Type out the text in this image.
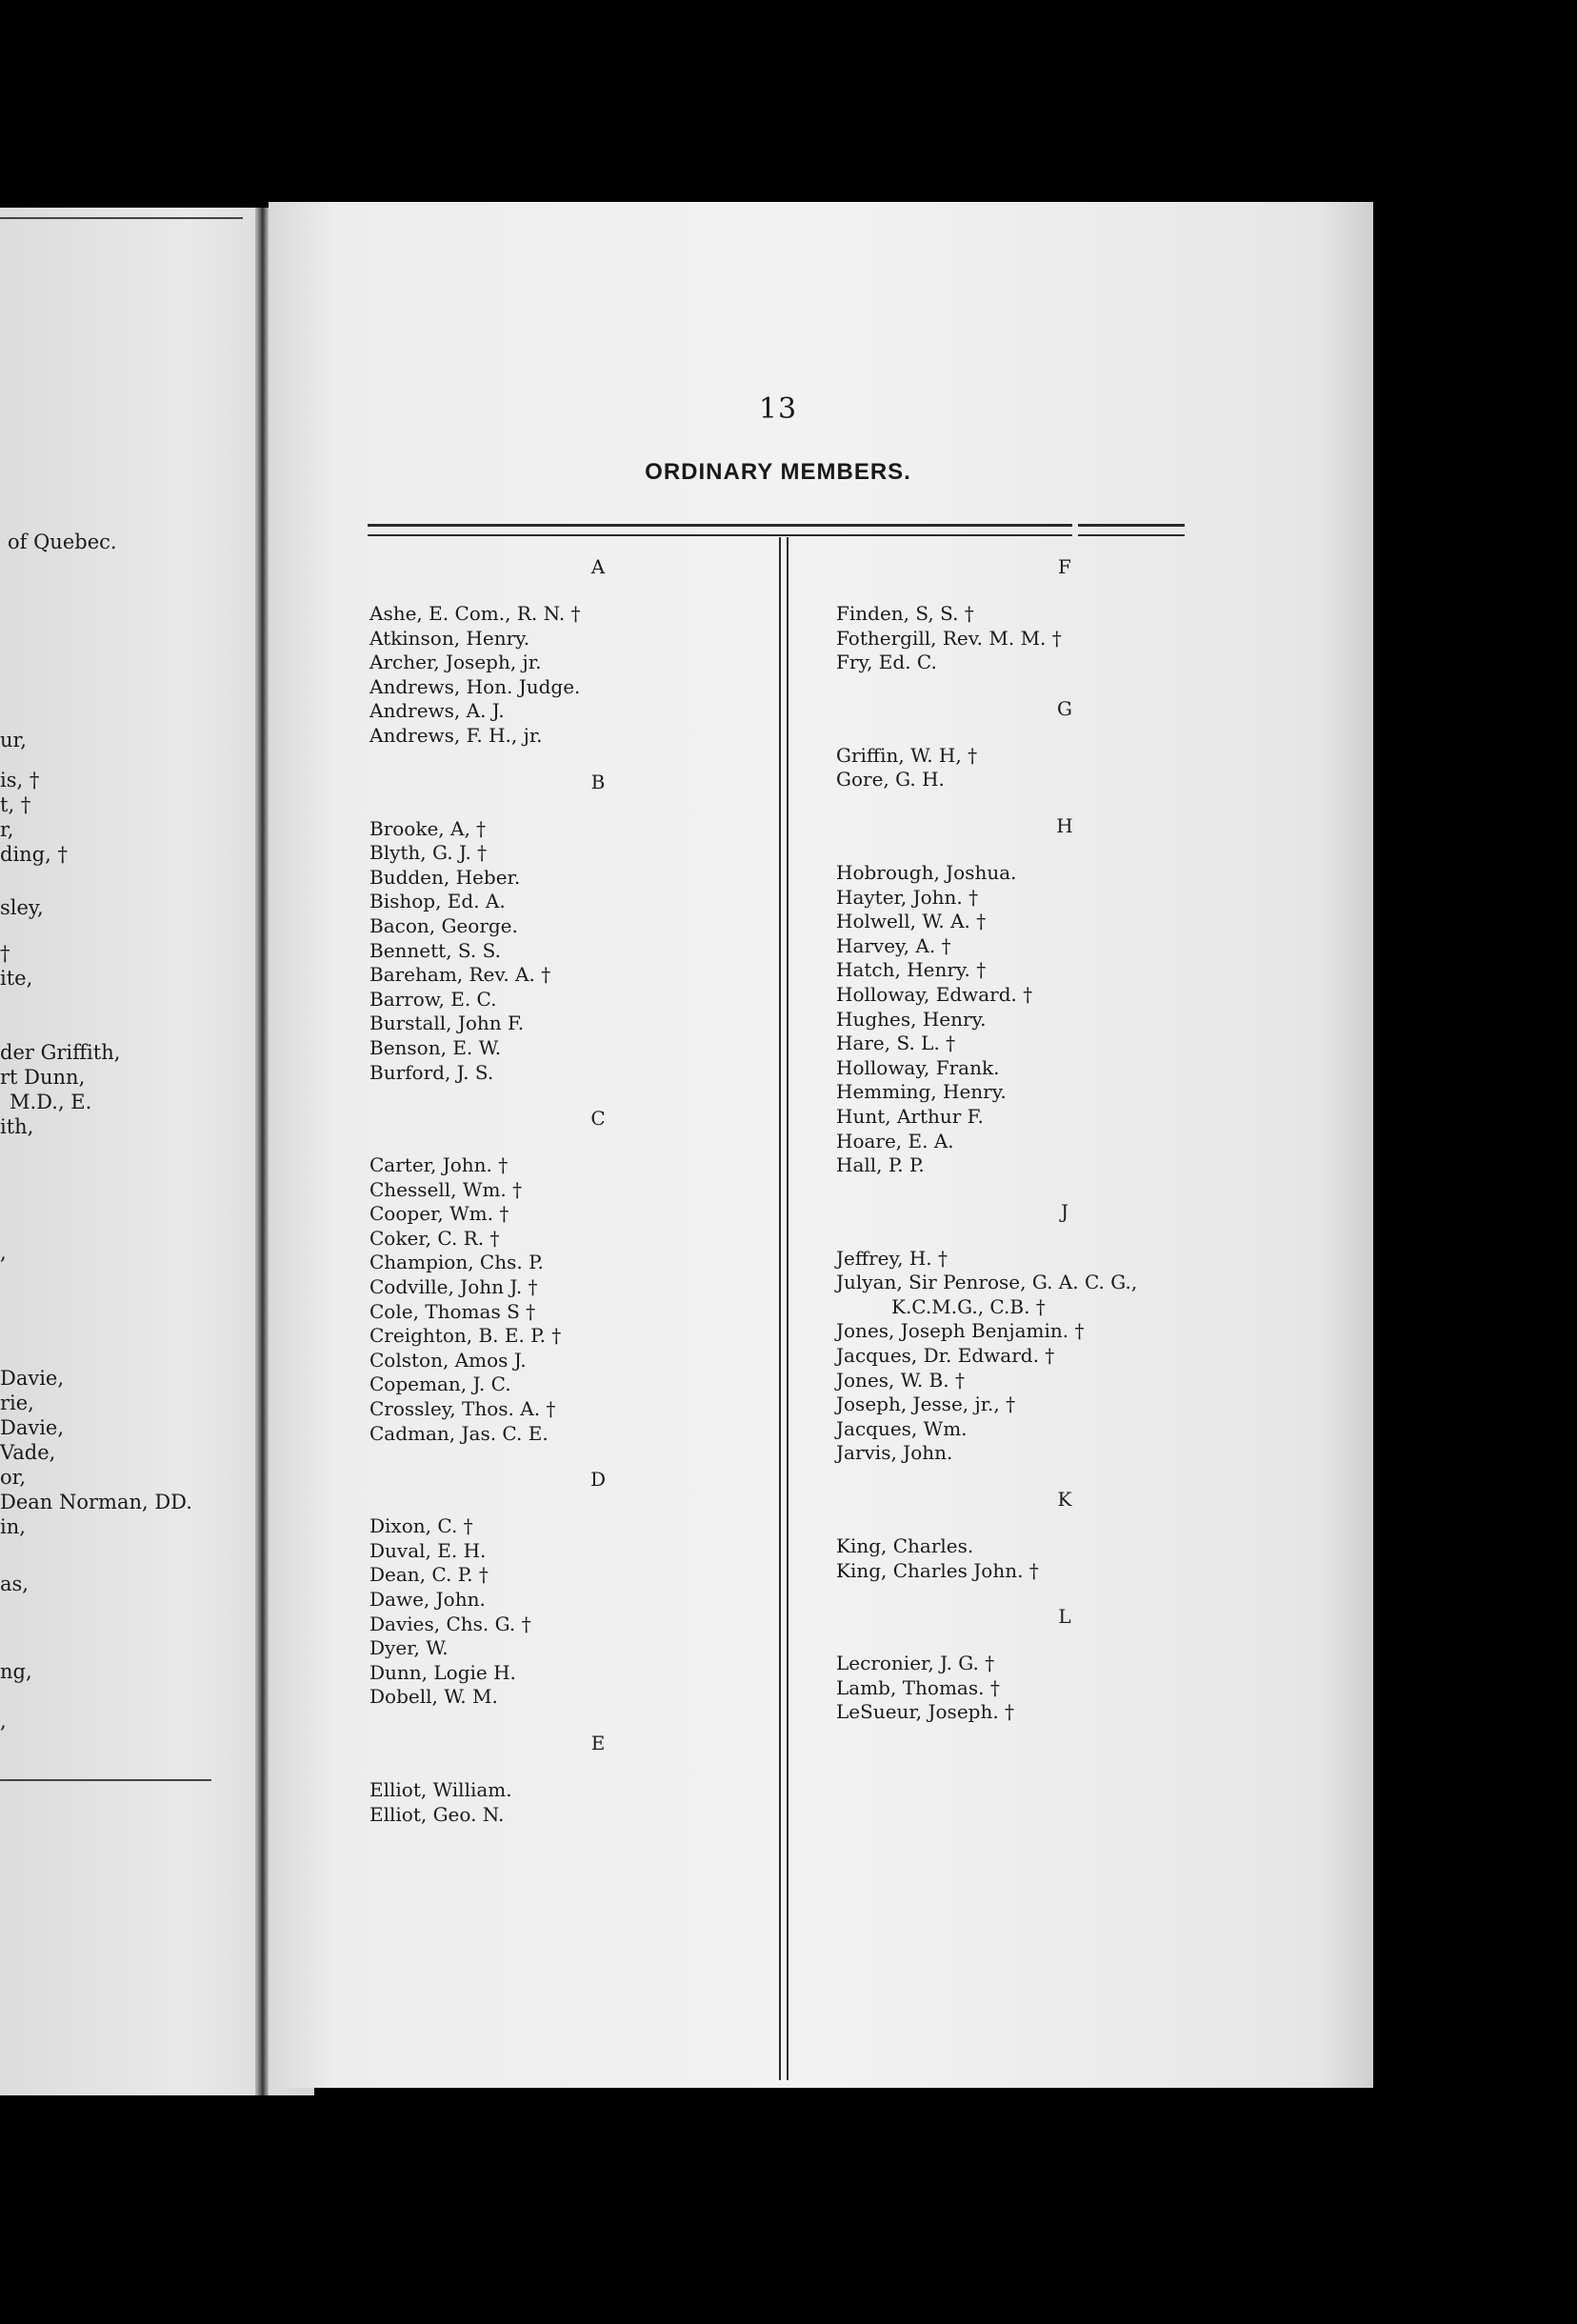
of Quebec.
ur,
is, †
t, †
r,
ding, †
sley,
†
ite,
der Griffith,
rt Dunn,
M.D., E.
ith,
,
Davie,
rie,
Davie,
Vade,
or,
Dean Norman, DD.
in,
as,
ng,
,
13
ORDINARY MEMBERS.
A
Ashe, E. Com., R. N. †
Atkinson, Henry.
Archer, Joseph, jr.
Andrews, Hon. Judge.
Andrews, A. J.
Andrews, F. H., jr.
B
Brooke, A, †
Blyth, G. J. †
Budden, Heber.
Bishop, Ed. A.
Bacon, George.
Bennett, S. S.
Bareham, Rev. A. †
Barrow, E. C.
Burstall, John F.
Benson, E. W.
Burford, J. S.
C
Carter, John. †
Chessell, Wm. †
Cooper, Wm. †
Coker, C. R. †
Champion, Chs. P.
Codville, John J. †
Cole, Thomas S †
Creighton, B. E. P. †
Colston, Amos J.
Copeman, J. C.
Crossley, Thos. A. †
Cadman, Jas. C. E.
D
Dixon, C. †
Duval, E. H.
Dean, C. P. †
Dawe, John.
Davies, Chs. G. †
Dyer, W.
Dunn, Logie H.
Dobell, W. M.
E
Elliot, William.
Elliot, Geo. N.
F
Finden, S, S. †
Fothergill, Rev. M. M. †
Fry, Ed. C.
G
Griffin, W. H, †
Gore, G. H.
H
Hobrough, Joshua.
Hayter, John. †
Holwell, W. A. †
Harvey, A. †
Hatch, Henry. †
Holloway, Edward. †
Hughes, Henry.
Hare, S. L. †
Holloway, Frank.
Hemming, Henry.
Hunt, Arthur F.
Hoare, E. A.
Hall, P. P.
J
Jeffrey, H. †
Julyan, Sir Penrose, G. A. C. G.,
K.C.M.G., C.B. †
Jones, Joseph Benjamin. †
Jacques, Dr. Edward. †
Jones, W. B. †
Joseph, Jesse, jr., †
Jacques, Wm.
Jarvis, John.
K
King, Charles.
King, Charles John. †
L
Lecronier, J. G. †
Lamb, Thomas. †
LeSueur, Joseph. †
